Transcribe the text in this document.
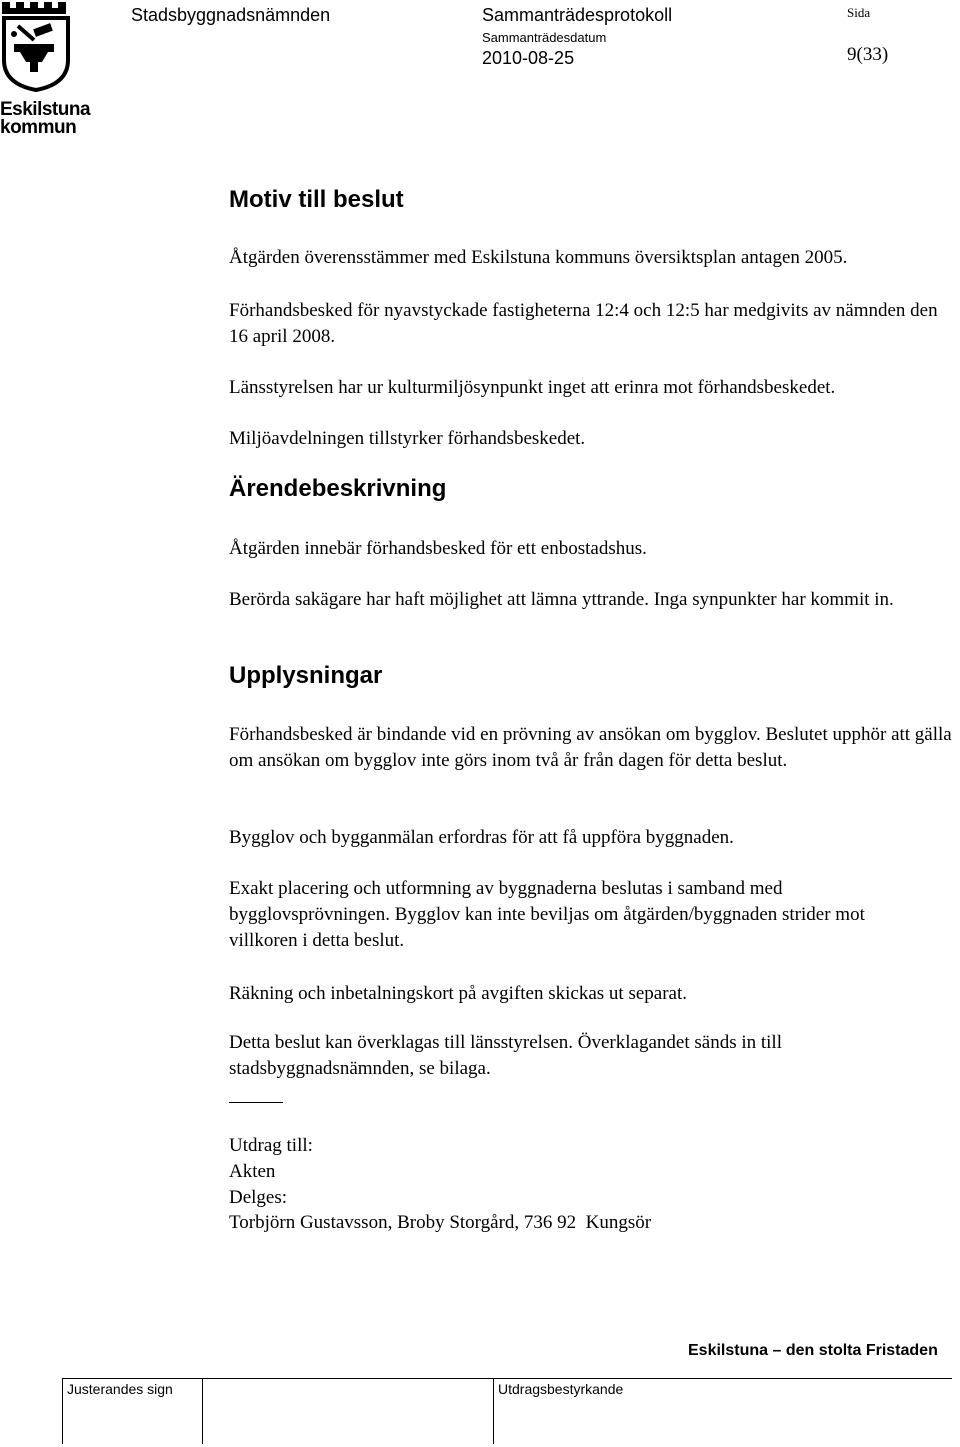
Eskilstuna
kommun
Stadsbyggnadsnämnden	Sammanträdesprotokoll
Sammanträdesdatum
2010-08-25
Sida
9(33)
Motiv till beslut
Åtgärden överensstämmer med Eskilstuna kommuns översiktsplan antagen 2005.
Förhandsbesked för nyavstyckade fastigheterna 12:4 och 12:5 har medgivits av nämnden den 16 april 2008.
Länsstyrelsen har ur kulturmiljösynpunkt inget att erinra mot förhandsbeskedet.
Miljöavdelningen tillstyrker förhandsbeskedet.
Ärendebeskrivning
Åtgärden innebär förhandsbesked för ett enbostadshus.
Berörda sakägare har haft möjlighet att lämna yttrande. Inga synpunkter har kommit in.
Upplysningar
Förhandsbesked är bindande vid en prövning av ansökan om bygglov. Beslutet upphör att gälla om ansökan om bygglov inte görs inom två år från dagen för detta beslut.
Bygglov och bygganmälan erfordras för att få uppföra byggnaden.
Exakt placering och utformning av byggnaderna beslutas i samband med bygglovsprövningen. Bygglov kan inte beviljas om åtgärden/byggnaden strider mot villkoren i detta beslut.
Räkning och inbetalningskort på avgiften skickas ut separat.
Detta beslut kan överklagas till länsstyrelsen. Överklagandet sänds in till stadsbyggnadsnämnden, se bilaga.
Utdrag till:
Akten
Delges:
Torbjörn Gustavsson, Broby Storgård, 736 92  Kungsör
Eskilstuna – den stolta Fristaden
Justerandes sign	Utdragsbestyrkande
